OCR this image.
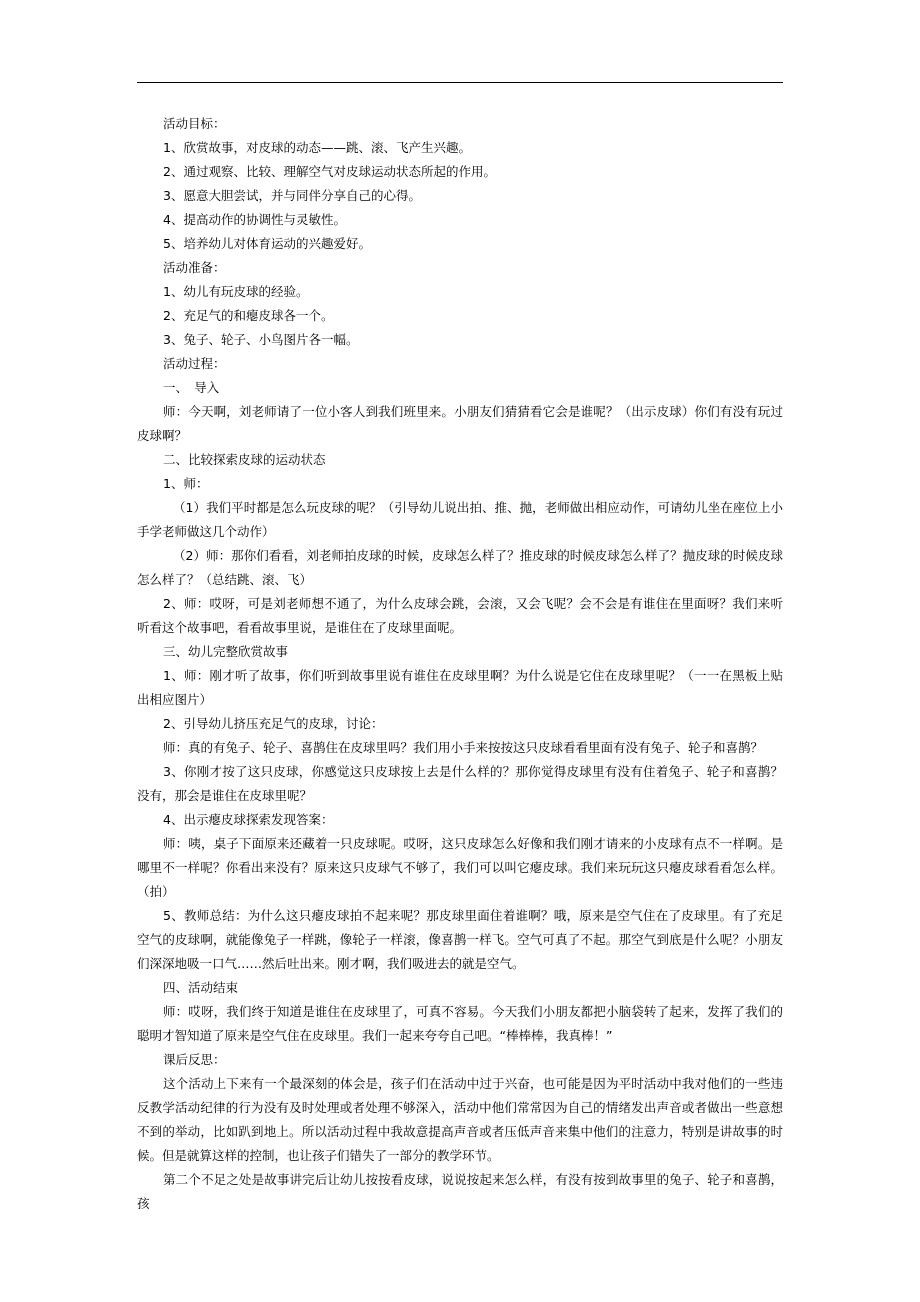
活动目标：

1、欣赏故事，对皮球的动态——跳、滚、飞产生兴趣。

2、通过观察、比较、理解空气对皮球运动状态所起的作用。

3、愿意大胆尝试，并与同伴分享自己的心得。

4、提高动作的协调性与灵敏性。

5、培养幼儿对体育运动的兴趣爱好。

活动准备：

1、幼儿有玩皮球的经验。

2、充足气的和瘪皮球各一个。

3、兔子、轮子、小鸟图片各一幅。

活动过程：

一、　导入

师：今天啊，刘老师请了一位小客人到我们班里来。小朋友们猜猜看它会是谁呢？（出示皮球）你们有没有玩过皮球啊？

二、比较探索皮球的运动状态

1、师：

（1）我们平时都是怎么玩皮球的呢？（引导幼儿说出拍、推、抛，老师做出相应动作，可请幼儿坐在座位上小手学老师做这几个动作）

（2）师：那你们看看，刘老师拍皮球的时候，皮球怎么样了？推皮球的时候皮球怎么样了？抛皮球的时候皮球怎么样了？（总结跳、滚、飞）

2、师：哎呀，可是刘老师想不通了，为什么皮球会跳，会滚，又会飞呢？会不会是有谁住在里面呀？我们来听听看这个故事吧，看看故事里说，是谁住在了皮球里面呢。

三、幼儿完整欣赏故事

1、师：刚才听了故事，你们听到故事里说有谁住在皮球里啊？为什么说是它住在皮球里呢？（一一在黑板上贴出相应图片）

2、引导幼儿挤压充足气的皮球，讨论：

师：真的有兔子、轮子、喜鹊住在皮球里吗？我们用小手来按按这只皮球看看里面有没有兔子、轮子和喜鹊？

3、你刚才按了这只皮球，你感觉这只皮球按上去是什么样的？那你觉得皮球里有没有住着兔子、轮子和喜鹊？没有，那会是谁住在皮球里呢？

4、出示瘪皮球探索发现答案：

师：咦，桌子下面原来还藏着一只皮球呢。哎呀，这只皮球怎么好像和我们刚才请来的小皮球有点不一样啊。是哪里不一样呢？你看出来没有？原来这只皮球气不够了，我们可以叫它瘪皮球。我们来玩玩这只瘪皮球看看怎么样。（拍）

5、教师总结：为什么这只瘪皮球拍不起来呢？那皮球里面住着谁啊？哦，原来是空气住在了皮球里。有了充足空气的皮球啊，就能像兔子一样跳，像轮子一样滚，像喜鹊一样飞。空气可真了不起。那空气到底是什么呢？小朋友们深深地吸一口气……然后吐出来。刚才啊，我们吸进去的就是空气。

四、活动结束

师：哎呀，我们终于知道是谁住在皮球里了，可真不容易。今天我们小朋友都把小脑袋转了起来，发挥了我们的聪明才智知道了原来是空气住在皮球里。我们一起来夸夸自己吧。“棒棒棒，我真棒！”

课后反思：

这个活动上下来有一个最深刻的体会是，孩子们在活动中过于兴奋，也可能是因为平时活动中我对他们的一些违反教学活动纪律的行为没有及时处理或者处理不够深入，活动中他们常常因为自己的情绪发出声音或者做出一些意想不到的举动，比如趴到地上。所以活动过程中我故意提高声音或者压低声音来集中他们的注意力，特别是讲故事的时候。但是就算这样的控制，也让孩子们错失了一部分的教学环节。

第二个不足之处是故事讲完后让幼儿按按看皮球，说说按起来怎么样，有没有按到故事里的兔子、轮子和喜鹊，孩
